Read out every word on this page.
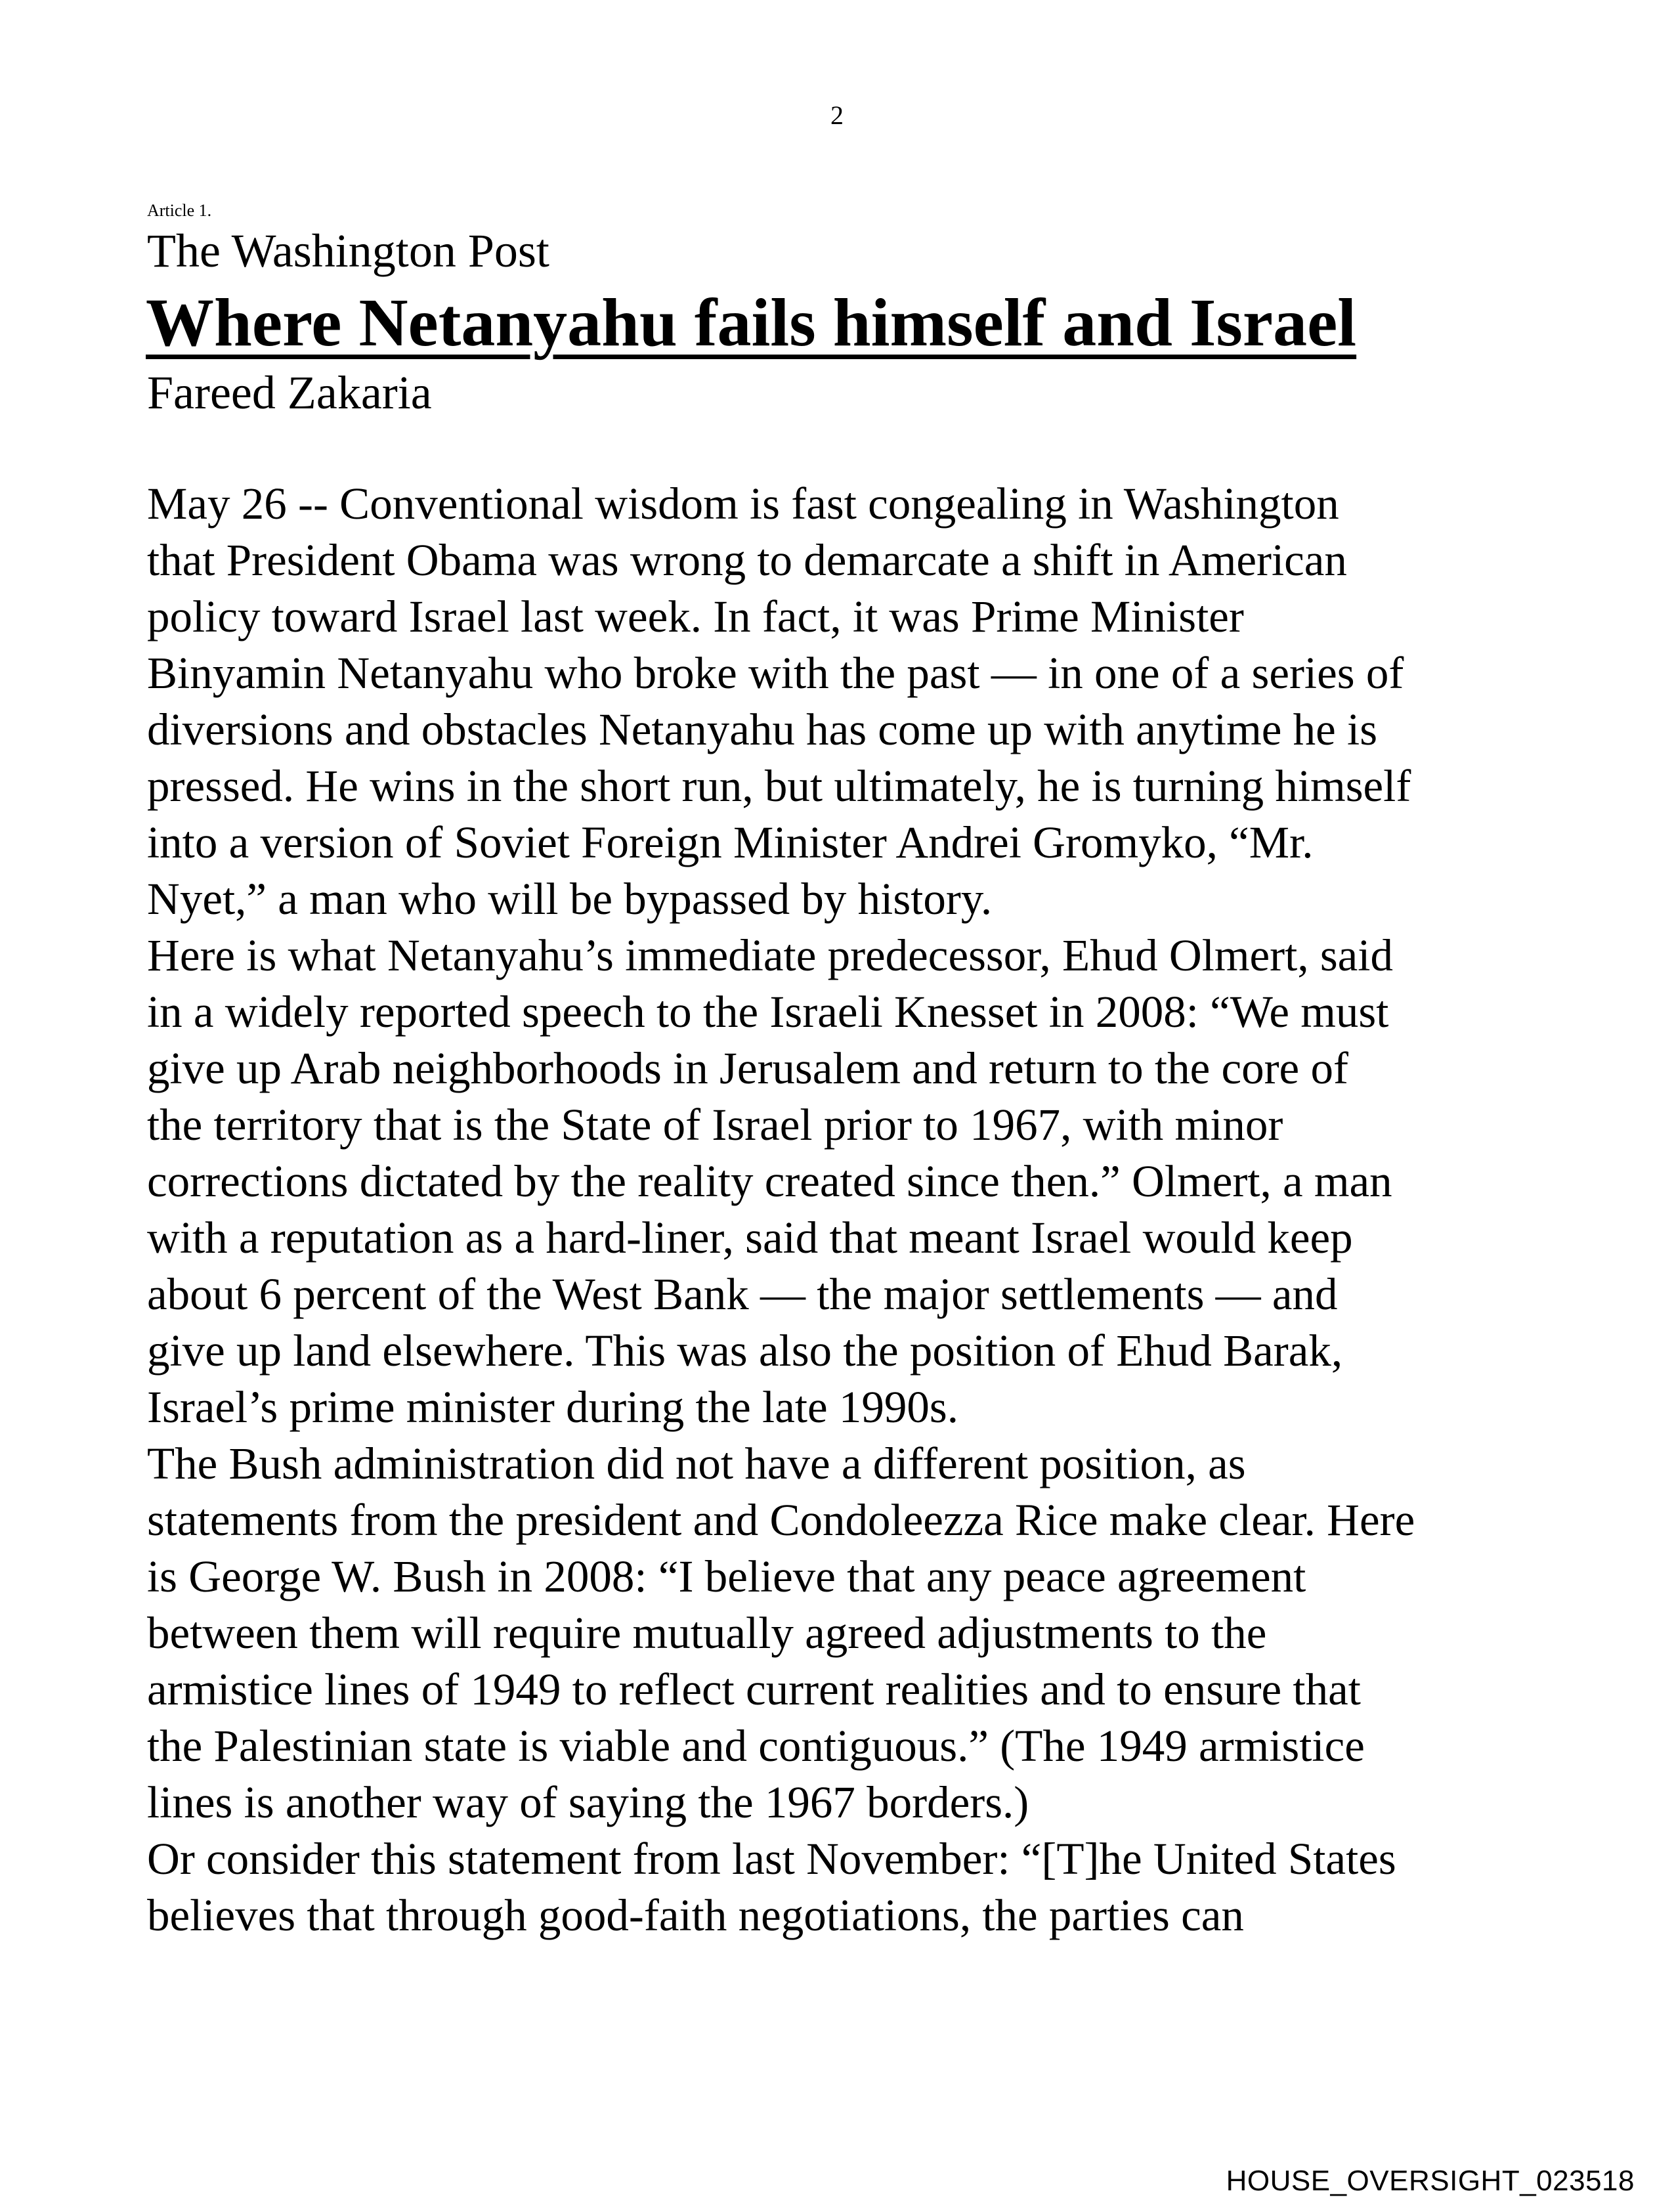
2
Article 1.
The Washington Post
Where Netanyahu fails himself and Israel
Fareed Zakaria
May 26 -- Conventional wisdom is fast congealing in Washington
that President Obama was wrong to demarcate a shift in American
policy toward Israel last week. In fact, it was Prime Minister
Binyamin Netanyahu who broke with the past — in one of a series of
diversions and obstacles Netanyahu has come up with anytime he is
pressed. He wins in the short run, but ultimately, he is turning himself
into a version of Soviet Foreign Minister Andrei Gromyko, “Mr.
Nyet,” a man who will be bypassed by history.
Here is what Netanyahu’s immediate predecessor, Ehud Olmert, said
in a widely reported speech to the Israeli Knesset in 2008: “We must
give up Arab neighborhoods in Jerusalem and return to the core of
the territory that is the State of Israel prior to 1967, with minor
corrections dictated by the reality created since then.” Olmert, a man
with a reputation as a hard-liner, said that meant Israel would keep
about 6 percent of the West Bank — the major settlements — and
give up land elsewhere. This was also the position of Ehud Barak,
Israel’s prime minister during the late 1990s.
The Bush administration did not have a different position, as
statements from the president and Condoleezza Rice make clear. Here
is George W. Bush in 2008: “I believe that any peace agreement
between them will require mutually agreed adjustments to the
armistice lines of 1949 to reflect current realities and to ensure that
the Palestinian state is viable and contiguous.” (The 1949 armistice
lines is another way of saying the 1967 borders.)
Or consider this statement from last November: “[T]he United States
believes that through good-faith negotiations, the parties can
HOUSE_OVERSIGHT_023518
